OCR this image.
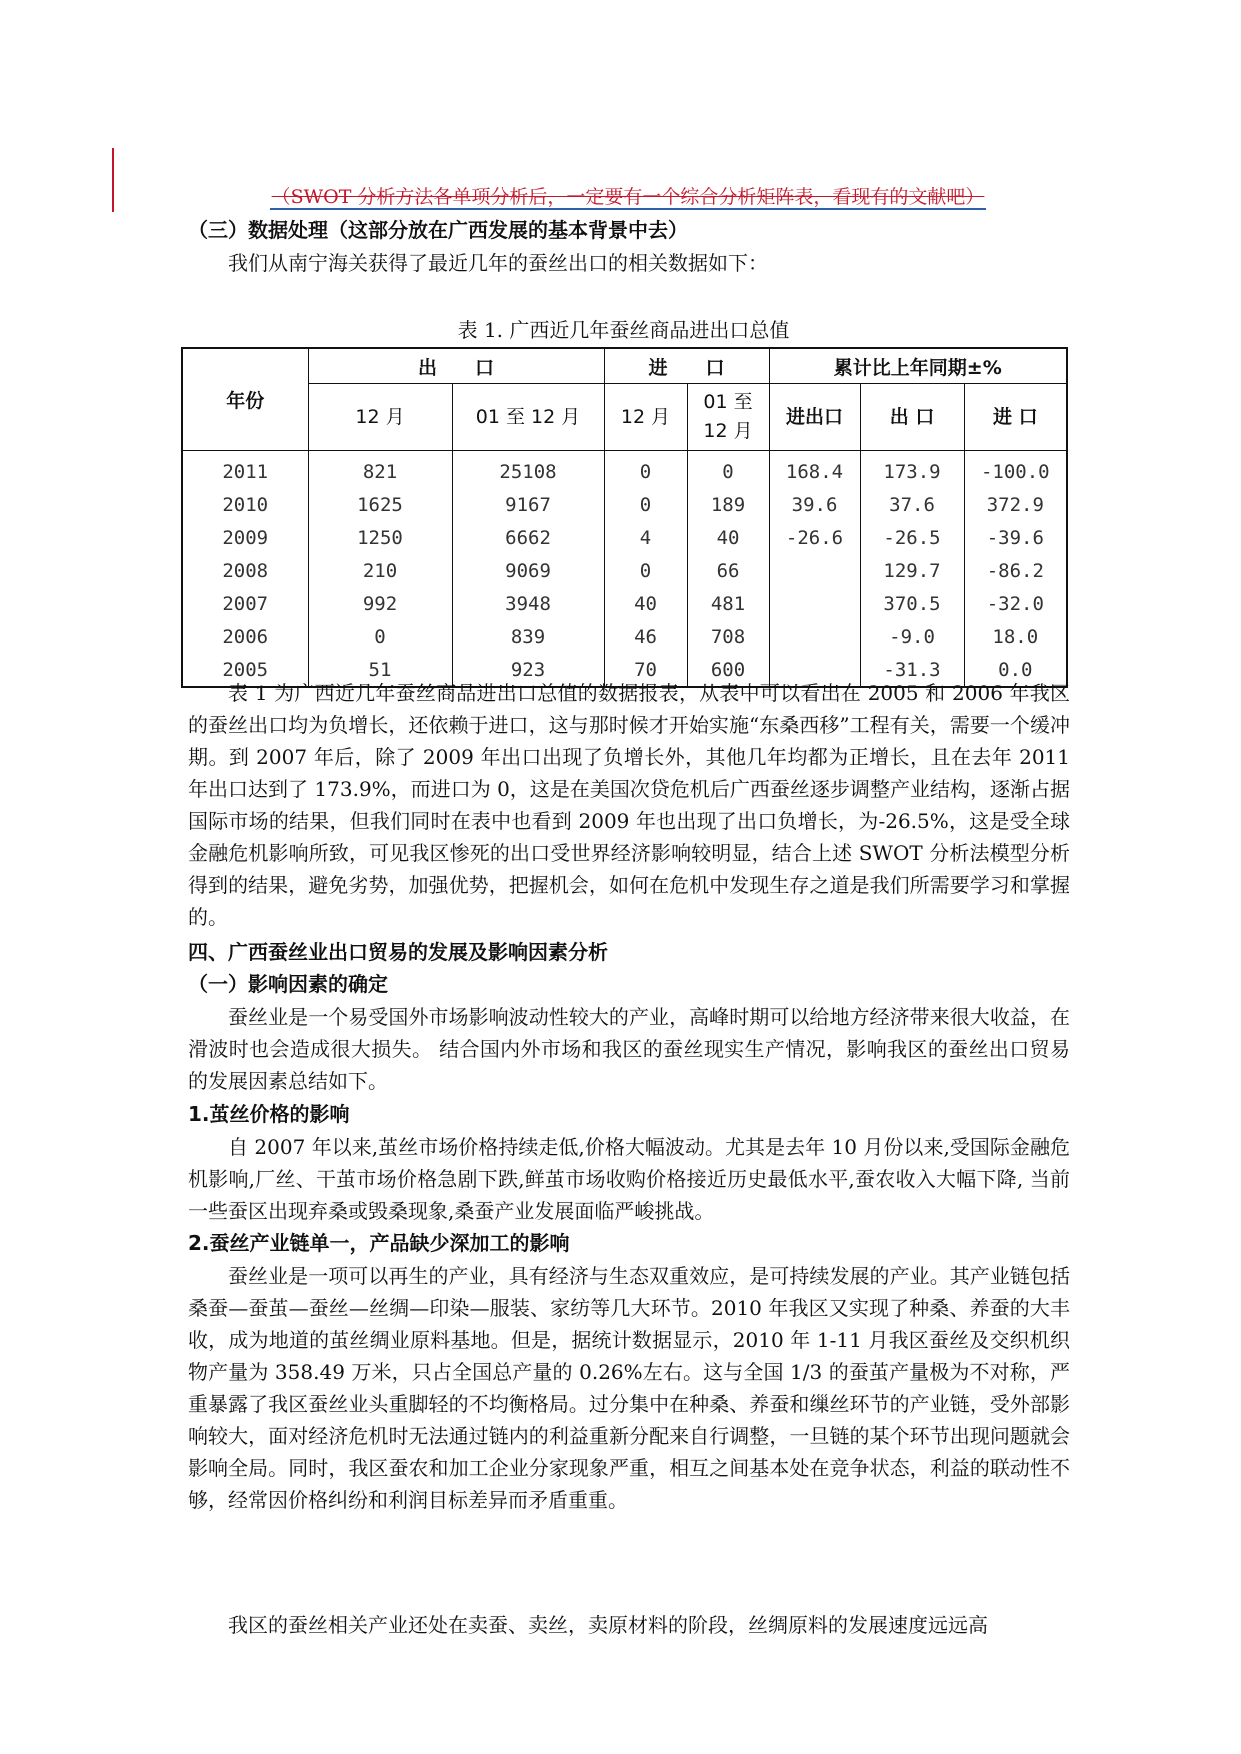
（SWOT 分析方法各单项分析后，一定要有一个综合分析矩阵表，看现有的文献吧）
（三）数据处理（这部分放在广西发展的基本背景中去）
我们从南宁海关获得了最近几年的蚕丝出口的相关数据如下：
表 1. 广西近几年蚕丝商品进出口总值
年份	出　　口		进　　口		累计比上年同期±%		
	12 月	01 至 12 月	12 月	01 至 12 月	进出口	出 口	进 口
2011	821	25108	0	0	168.4	173.9	-100.0
2010	1625	9167	0	189	39.6	37.6	372.9
2009	1250	6662	4	40	-26.6	-26.5	-39.6
2008	210	9069	0	66		129.7	-86.2
2007	992	3948	40	481		370.5	-32.0
2006	0	839	46	708		-9.0	18.0
2005	51	923	70	600		-31.3	0.0
表 1 为广西近几年蚕丝商品进出口总值的数据报表，从表中可以看出在 2005 和 2006 年我区的蚕丝出口均为负增长，还依赖于进口，这与那时候才开始实施“东桑西移”工程有关，需要一个缓冲期。到 2007 年后，除了 2009 年出口出现了负增长外，其他几年均都为正增长，且在去年 2011 年出口达到了 173.9%，而进口为 0，这是在美国次贷危机后广西蚕丝逐步调整产业结构，逐渐占据国际市场的结果，但我们同时在表中也看到 2009 年也出现了出口负增长，为-26.5%，这是受全球金融危机影响所致，可见我区惨死的出口受世界经济影响较明显，结合上述 SWOT 分析法模型分析得到的结果，避免劣势，加强优势，把握机会，如何在危机中发现生存之道是我们所需要学习和掌握的。
四、广西蚕丝业出口贸易的发展及影响因素分析
（一）影响因素的确定
蚕丝业是一个易受国外市场影响波动性较大的产业，高峰时期可以给地方经济带来很大收益，在滑波时也会造成很大损失。 结合国内外市场和我区的蚕丝现实生产情况，影响我区的蚕丝出口贸易的发展因素总结如下。
1.茧丝价格的影响
自 2007 年以来,茧丝市场价格持续走低,价格大幅波动。尤其是去年 10 月份以来,受国际金融危机影响,厂丝、干茧市场价格急剧下跌,鲜茧市场收购价格接近历史最低水平,蚕农收入大幅下降, 当前一些蚕区出现弃桑或毁桑现象,桑蚕产业发展面临严峻挑战。
2.蚕丝产业链单一，产品缺少深加工的影响
蚕丝业是一项可以再生的产业，具有经济与生态双重效应，是可持续发展的产业。其产业链包括桑蚕—蚕茧—蚕丝—丝绸—印染—服装、家纺等几大环节。2010 年我区又实现了种桑、养蚕的大丰收，成为地道的茧丝绸业原料基地。但是，据统计数据显示，2010 年 1-11 月我区蚕丝及交织机织物产量为 358.49 万米，只占全国总产量的 0.26%左右。这与全国 1/3 的蚕茧产量极为不对称，严重暴露了我区蚕丝业头重脚轻的不均衡格局。过分集中在种桑、养蚕和缫丝环节的产业链，受外部影响较大，面对经济危机时无法通过链内的利益重新分配来自行调整，一旦链的某个环节出现问题就会影响全局。同时，我区蚕农和加工企业分家现象严重，相互之间基本处在竞争状态，利益的联动性不够，经常因价格纠纷和利润目标差异而矛盾重重。
我区的蚕丝相关产业还处在卖蚕、卖丝，卖原材料的阶段，丝绸原料的发展速度远远高
